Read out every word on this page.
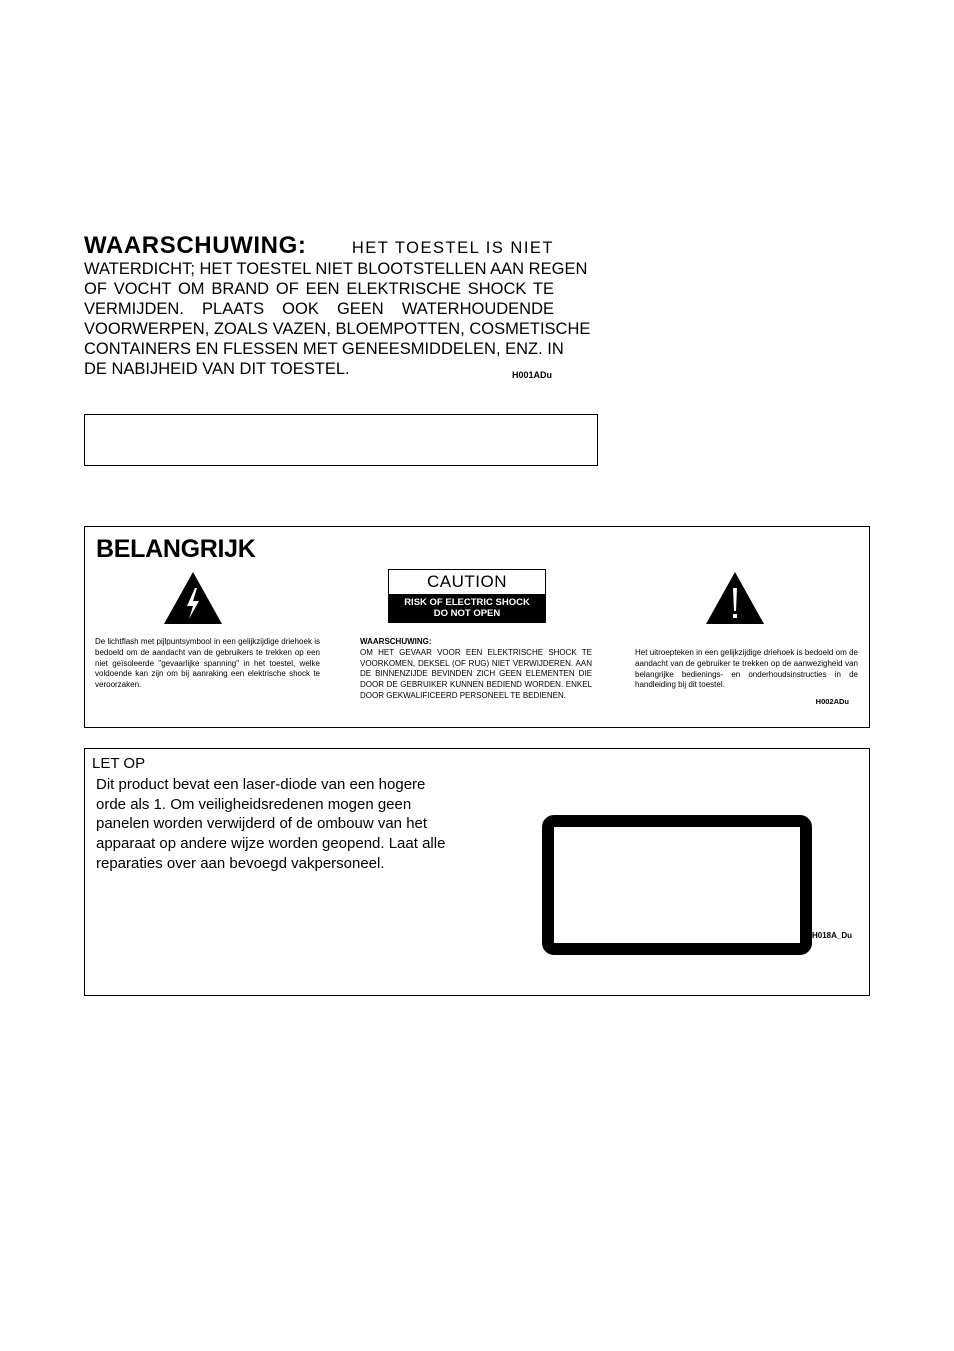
WAARSCHUWING:	HET TOESTEL IS NIET
WATERDICHT; HET TOESTEL NIET BLOOTSTELLEN AAN REGEN
OF VOCHT OM BRAND OF EEN ELEKTRISCHE SHOCK TE
VERMIJDEN. PLAATS OOK GEEN WATERHOUDENDE
VOORWERPEN, ZOALS VAZEN, BLOEMPOTTEN, COSMETISCHE
CONTAINERS EN FLESSEN MET GENEESMIDDELEN, ENZ. IN
DE NABIJHEID VAN DIT TOESTEL.	H001ADu
BELANGRIJK
CAUTION
RISK OF ELECTRIC SHOCK
DO NOT OPEN
De lichtflash met pijlpuntsymbool in een gelijkzijdige driehoek is bedoeld om de aandacht van de gebruikers te trekken op een niet geïsoleerde "gevaarlijke spanning" in het toestel, welke voldoende kan zijn om bij aanraking een elektrische shock te veroorzaken.
WAARSCHUWING:
OM HET GEVAAR VOOR EEN ELEKTRISCHE SHOCK TE VOORKOMEN, DEKSEL (OF RUG) NIET VERWIJDEREN. AAN DE BINNENZIJDE BEVINDEN ZICH GEEN ELEMENTEN DIE DOOR DE GEBRUIKER KUNNEN BEDIEND WORDEN. ENKEL DOOR GEKWALIFICEERD PERSONEEL TE BEDIENEN.
Het uitroepteken in een gelijkzijdige driehoek is bedoeld om de aandacht van de gebruiker te trekken op de aanwezigheid van belangrijke bedienings- en onderhoudsinstructies in de handleiding bij dit toestel.
H002ADu
LET OP
Dit product bevat een laser-diode van een hogere orde als 1. Om veiligheidsredenen mogen geen panelen worden verwijderd of de ombouw van het apparaat op andere wijze worden geopend. Laat alle reparaties over aan bevoegd vakpersoneel.
H018A_Du
